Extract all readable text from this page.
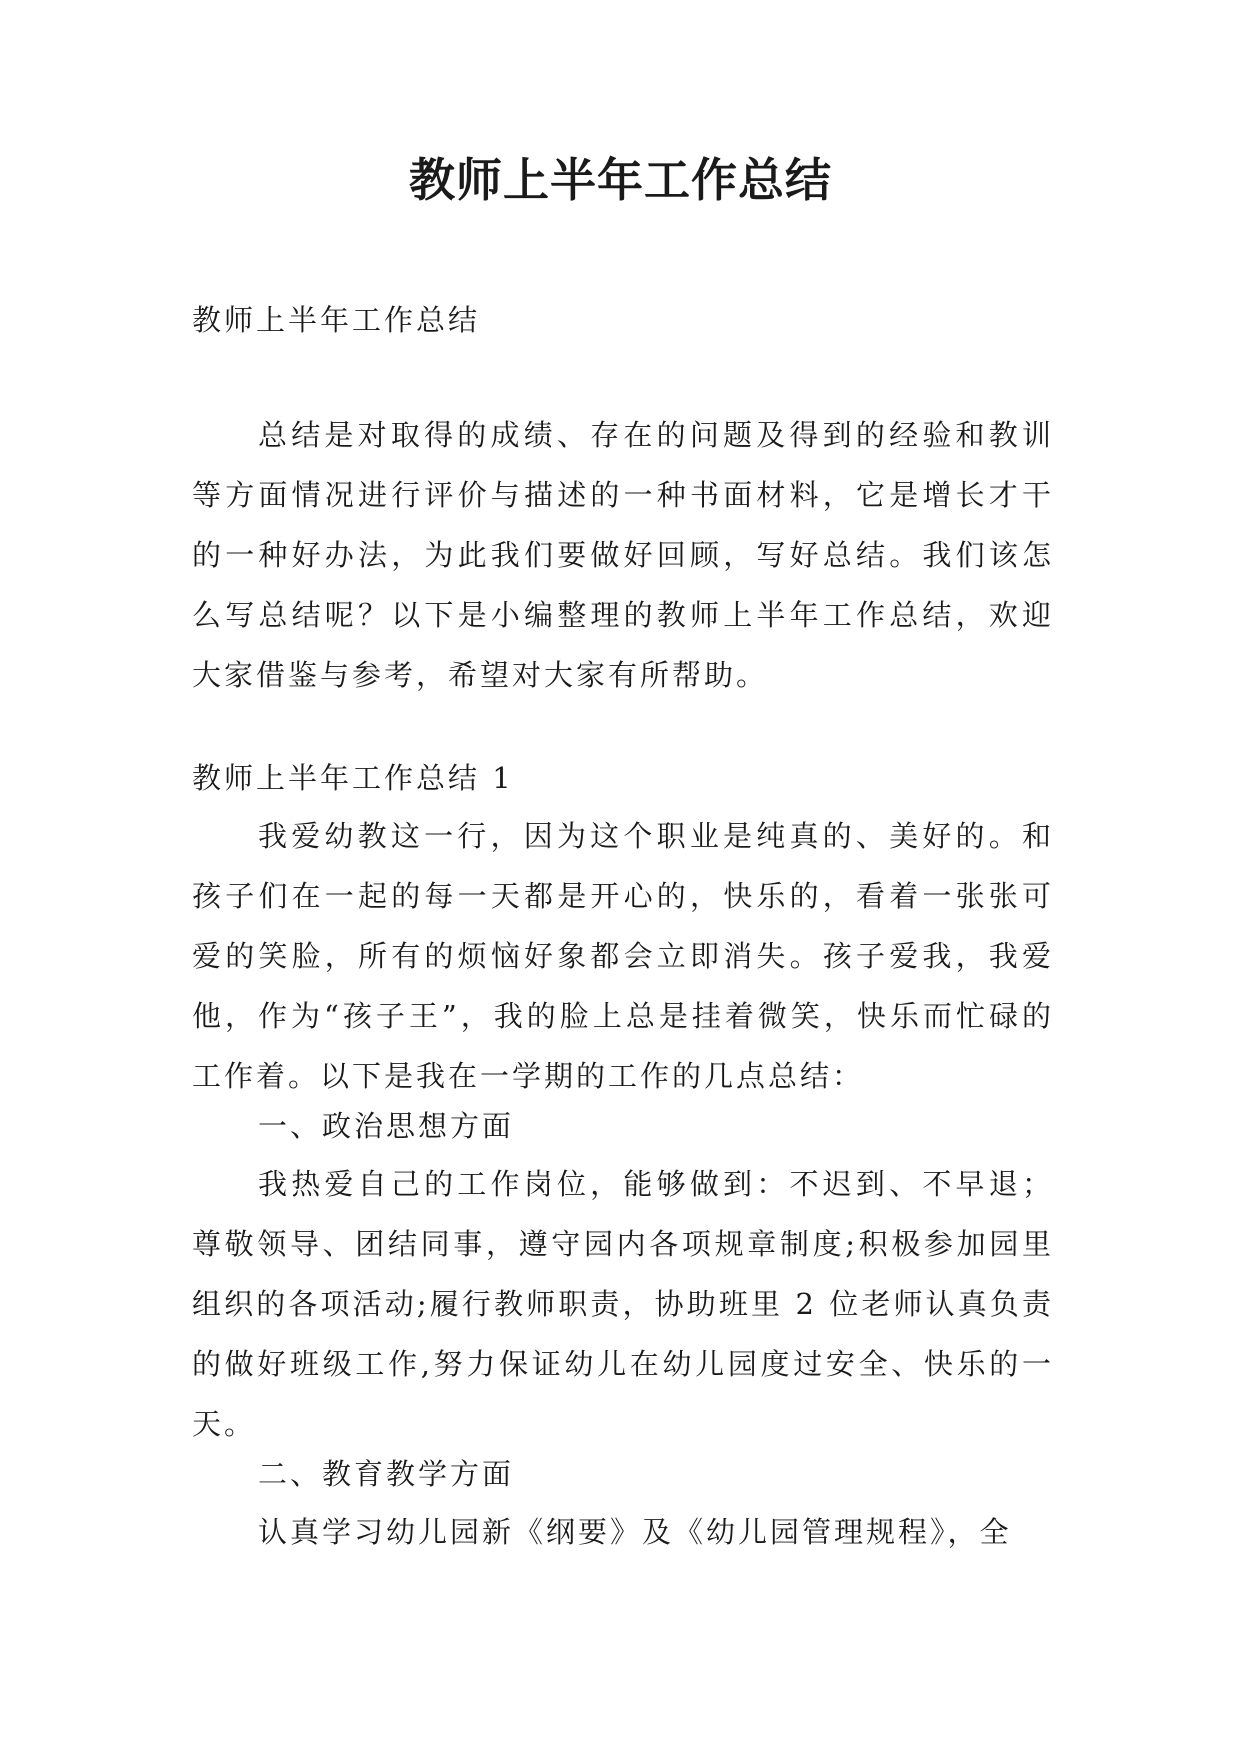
教师上半年工作总结

教师上半年工作总结

总结是对取得的成绩、存在的问题及得到的经验和教训等方面情况进行评价与描述的一种书面材料，它是增长才干的一种好办法，为此我们要做好回顾，写好总结。我们该怎么写总结呢？以下是小编整理的教师上半年工作总结，欢迎大家借鉴与参考，希望对大家有所帮助。

教师上半年工作总结 1

我爱幼教这一行，因为这个职业是纯真的、美好的。和孩子们在一起的每一天都是开心的，快乐的，看着一张张可爱的笑脸，所有的烦恼好象都会立即消失。孩子爱我，我爱他，作为“孩子王”，我的脸上总是挂着微笑，快乐而忙碌的工作着。以下是我在一学期的工作的几点总结：

一、政治思想方面

我热爱自己的工作岗位，能够做到：不迟到、不早退；尊敬领导、团结同事，遵守园内各项规章制度;积极参加园里组织的各项活动;履行教师职责，协助班里 2 位老师认真负责的做好班级工作,努力保证幼儿在幼儿园度过安全、快乐的一天。

二、教育教学方面

认真学习幼儿园新《纲要》及《幼儿园管理规程》，全
